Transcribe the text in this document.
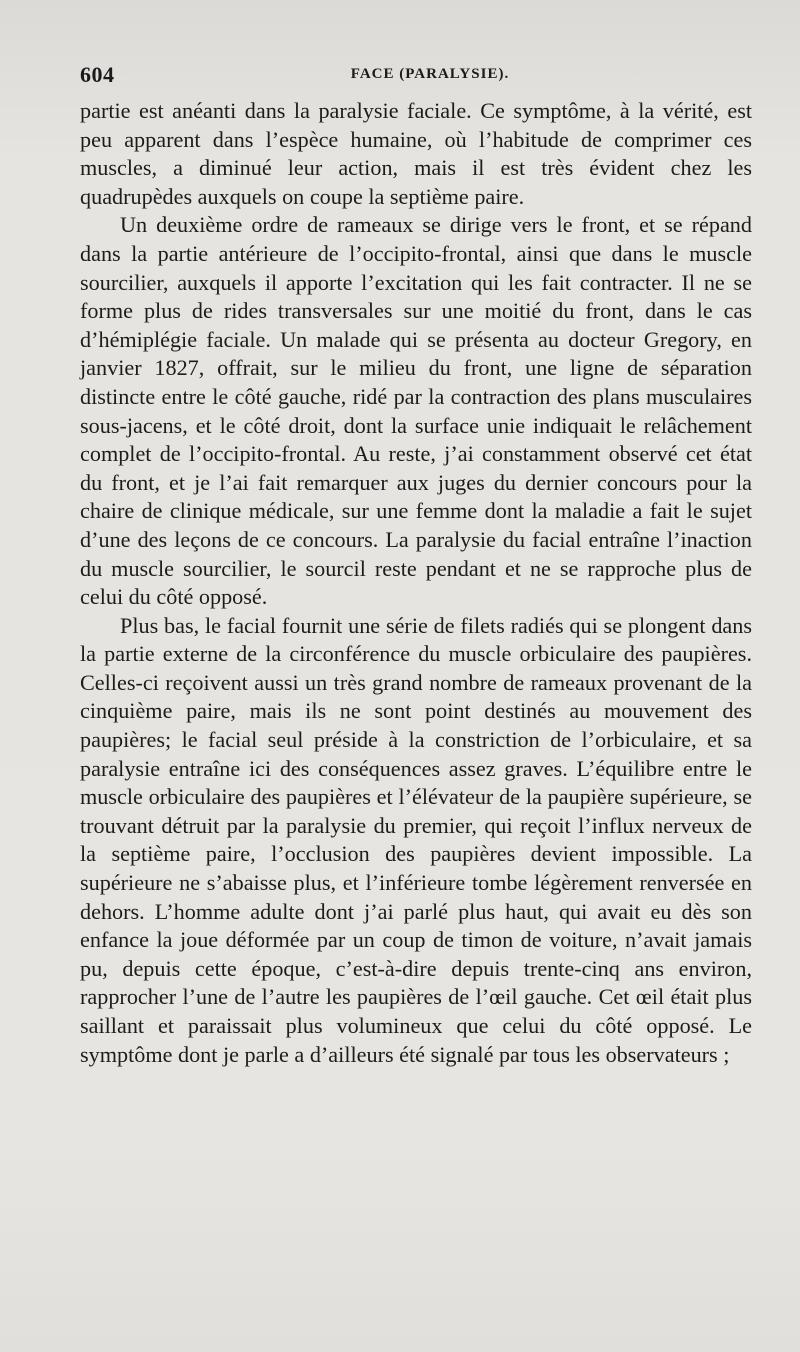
604	FACE (PARALYSIE).

partie est anéanti dans la paralysie faciale. Ce symptôme, à la vérité, est peu apparent dans l’espèce humaine, où l’habitude de comprimer ces muscles, a diminué leur action, mais il est très évident chez les quadrupèdes auxquels on coupe la septième paire.

Un deuxième ordre de rameaux se dirige vers le front, et se répand dans la partie antérieure de l’occipito-frontal, ainsi que dans le muscle sourcilier, auxquels il apporte l’excitation qui les fait contracter. Il ne se forme plus de rides transversales sur une moitié du front, dans le cas d’hémiplégie faciale. Un malade qui se présenta au docteur Gregory, en janvier 1827, offrait, sur le milieu du front, une ligne de séparation distincte entre le côté gauche, ridé par la contraction des plans musculaires sous-jacens, et le côté droit, dont la surface unie indiquait le relâchement complet de l’occipito-frontal. Au reste, j’ai constamment observé cet état du front, et je l’ai fait remarquer aux juges du dernier concours pour la chaire de clinique médicale, sur une femme dont la maladie a fait le sujet d’une des leçons de ce concours. La paralysie du facial entraîne l’inaction du muscle sourcilier, le sourcil reste pendant et ne se rapproche plus de celui du côté opposé.

Plus bas, le facial fournit une série de filets radiés qui se plongent dans la partie externe de la circonférence du muscle orbiculaire des paupières. Celles-ci reçoivent aussi un très grand nombre de rameaux provenant de la cinquième paire, mais ils ne sont point destinés au mouvement des paupières; le facial seul préside à la constriction de l’orbiculaire, et sa paralysie entraîne ici des conséquences assez graves. L’équilibre entre le muscle orbiculaire des paupières et l’élévateur de la paupière supérieure, se trouvant détruit par la paralysie du premier, qui reçoit l’influx nerveux de la septième paire, l’occlusion des paupières devient impossible. La supérieure ne s’abaisse plus, et l’inférieure tombe légèrement renversée en dehors. L’homme adulte dont j’ai parlé plus haut, qui avait eu dès son enfance la joue déformée par un coup de timon de voiture, n’avait jamais pu, depuis cette époque, c’est-à-dire depuis trente-cinq ans environ, rapprocher l’une de l’autre les paupières de l’œil gauche. Cet œil était plus saillant et paraissait plus volumineux que celui du côté opposé. Le symptôme dont je parle a d’ailleurs été signalé par tous les observateurs ;
